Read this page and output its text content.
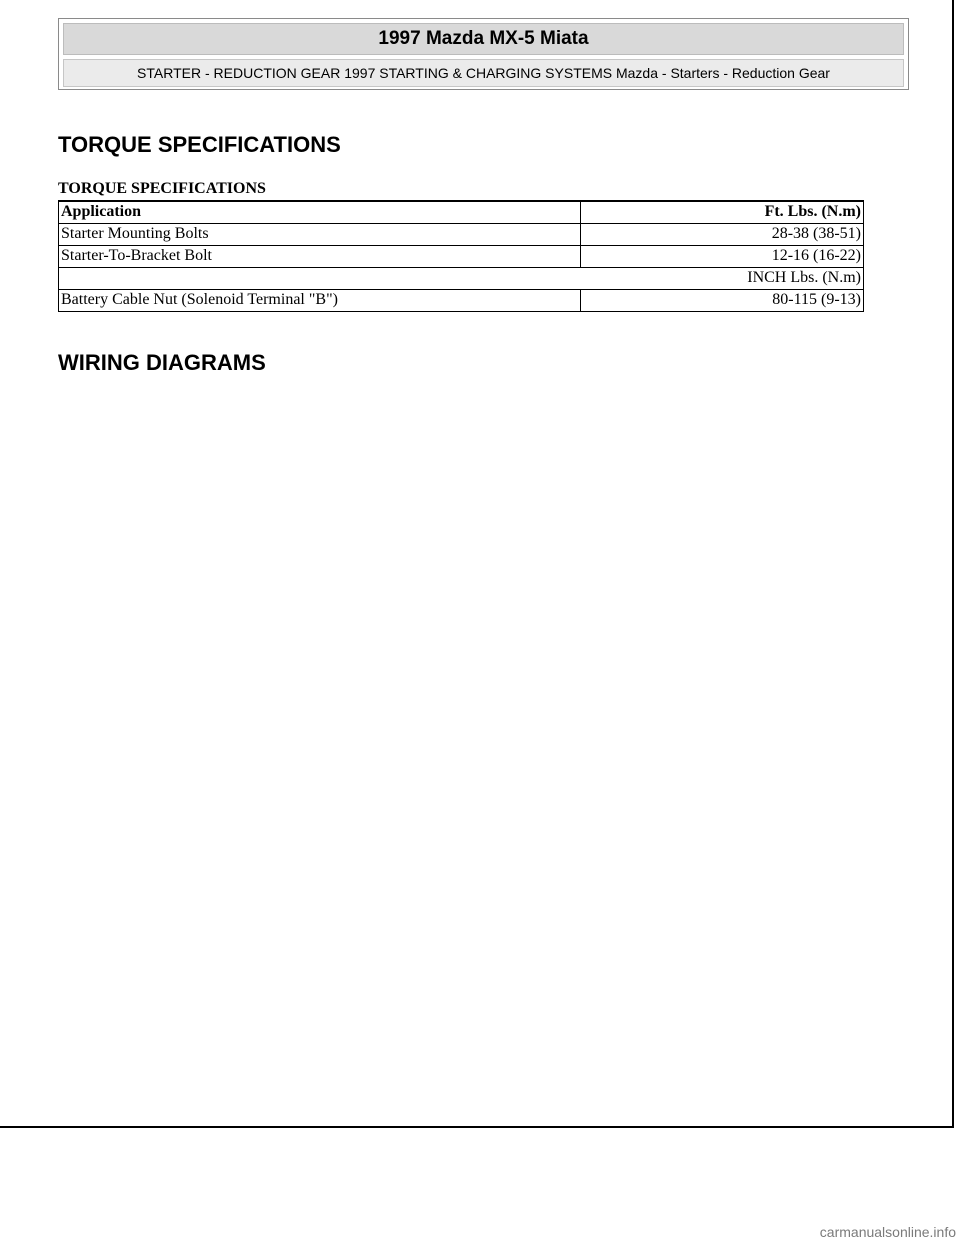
1997 Mazda MX-5 Miata
STARTER - REDUCTION GEAR 1997 STARTING & CHARGING SYSTEMS Mazda - Starters - Reduction Gear
TORQUE SPECIFICATIONS
TORQUE SPECIFICATIONS
Application	Ft. Lbs. (N.m)
Starter Mounting Bolts	28-38 (38-51)
Starter-To-Bracket Bolt	12-16 (16-22)
INCH Lbs. (N.m)	
Battery Cable Nut (Solenoid Terminal "B")	80-115 (9-13)
WIRING DIAGRAMS
carmanualsonline.info
